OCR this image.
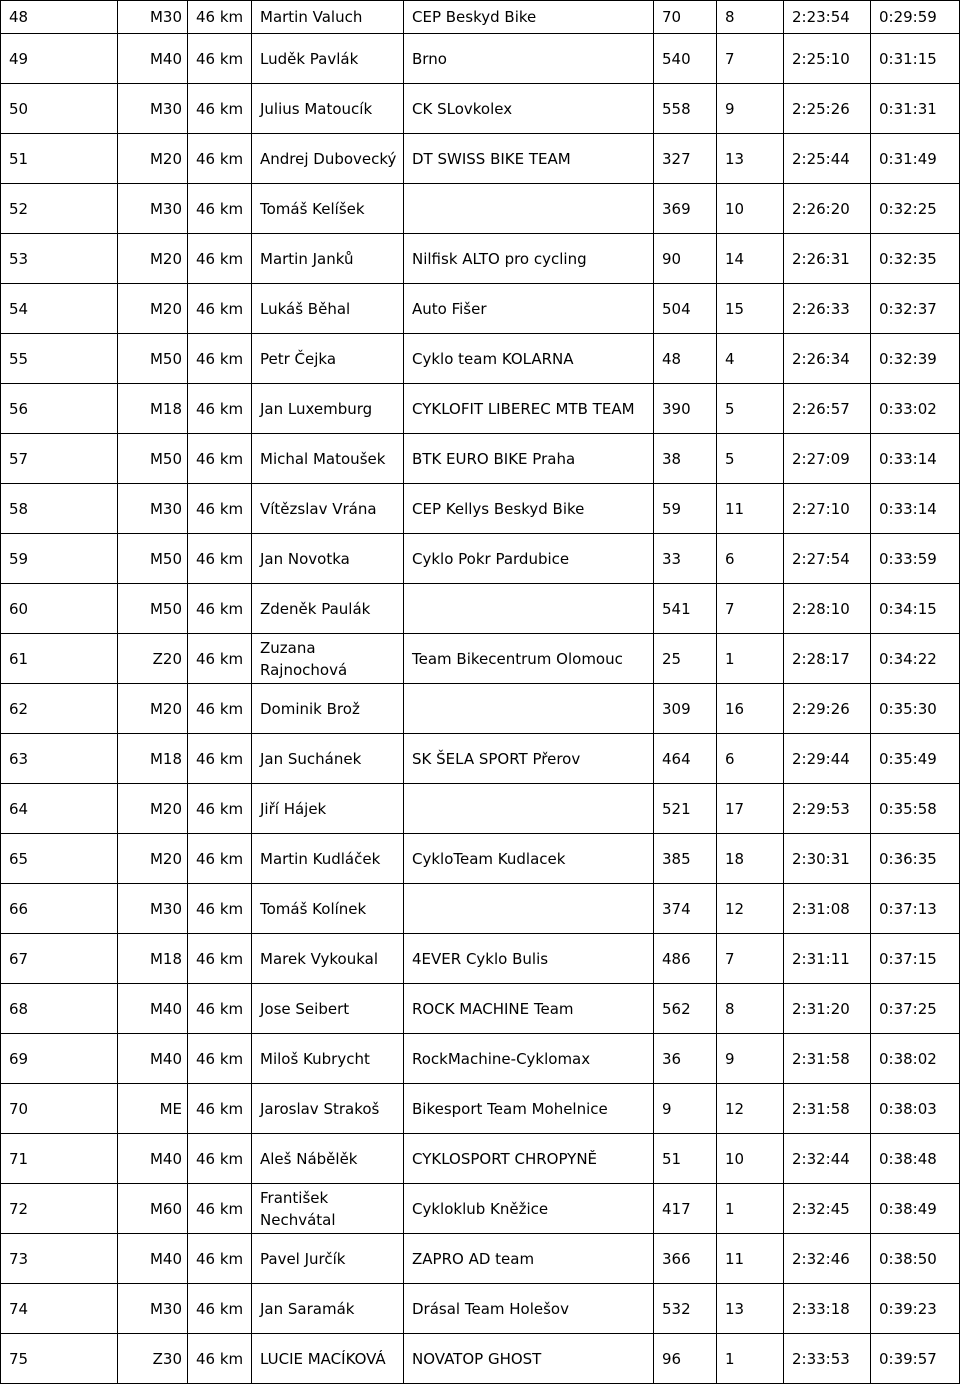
48	M30	46 km	Martin Valuch	CEP Beskyd Bike	70	8	2:23:54	0:29:59
49	M40	46 km	Luděk Pavlák	Brno	540	7	2:25:10	0:31:15
50	M30	46 km	Julius Matoucík	CK SLovkolex	558	9	2:25:26	0:31:31
51	M20	46 km	Andrej Dubovecký	DT SWISS BIKE TEAM	327	13	2:25:44	0:31:49
52	M30	46 km	Tomáš Kelíšek		369	10	2:26:20	0:32:25
53	M20	46 km	Martin Janků	Nilfisk ALTO pro cycling	90	14	2:26:31	0:32:35
54	M20	46 km	Lukáš Běhal	Auto Fišer	504	15	2:26:33	0:32:37
55	M50	46 km	Petr Čejka	Cyklo team KOLARNA	48	4	2:26:34	0:32:39
56	M18	46 km	Jan Luxemburg	CYKLOFIT LIBEREC MTB TEAM	390	5	2:26:57	0:33:02
57	M50	46 km	Michal Matoušek	BTK EURO BIKE Praha	38	5	2:27:09	0:33:14
58	M30	46 km	Vítězslav Vrána	CEP Kellys Beskyd Bike	59	11	2:27:10	0:33:14
59	M50	46 km	Jan Novotka	Cyklo Pokr Pardubice	33	6	2:27:54	0:33:59
60	M50	46 km	Zdeněk Paulák		541	7	2:28:10	0:34:15
61	Z20	46 km	Zuzana Rajnochová	Team Bikecentrum Olomouc	25	1	2:28:17	0:34:22
62	M20	46 km	Dominik Brož		309	16	2:29:26	0:35:30
63	M18	46 km	Jan Suchánek	SK ŠELA SPORT Přerov	464	6	2:29:44	0:35:49
64	M20	46 km	Jiří Hájek		521	17	2:29:53	0:35:58
65	M20	46 km	Martin Kudláček	CykloTeam Kudlacek	385	18	2:30:31	0:36:35
66	M30	46 km	Tomáš Kolínek		374	12	2:31:08	0:37:13
67	M18	46 km	Marek Vykoukal	4EVER Cyklo Bulis	486	7	2:31:11	0:37:15
68	M40	46 km	Jose Seibert	ROCK MACHINE Team	562	8	2:31:20	0:37:25
69	M40	46 km	Miloš Kubrycht	RockMachine-Cyklomax	36	9	2:31:58	0:38:02
70	ME	46 km	Jaroslav Strakoš	Bikesport Team Mohelnice	9	12	2:31:58	0:38:03
71	M40	46 km	Aleš Nábělěk	CYKLOSPORT CHROPYNĚ	51	10	2:32:44	0:38:48
72	M60	46 km	František Nechvátal	Cykloklub Kněžice	417	1	2:32:45	0:38:49
73	M40	46 km	Pavel Jurčík	ZAPRO AD team	366	11	2:32:46	0:38:50
74	M30	46 km	Jan Saramák	Drásal Team Holešov	532	13	2:33:18	0:39:23
75	Z30	46 km	LUCIE MACÍKOVÁ	NOVATOP GHOST	96	1	2:33:53	0:39:57
